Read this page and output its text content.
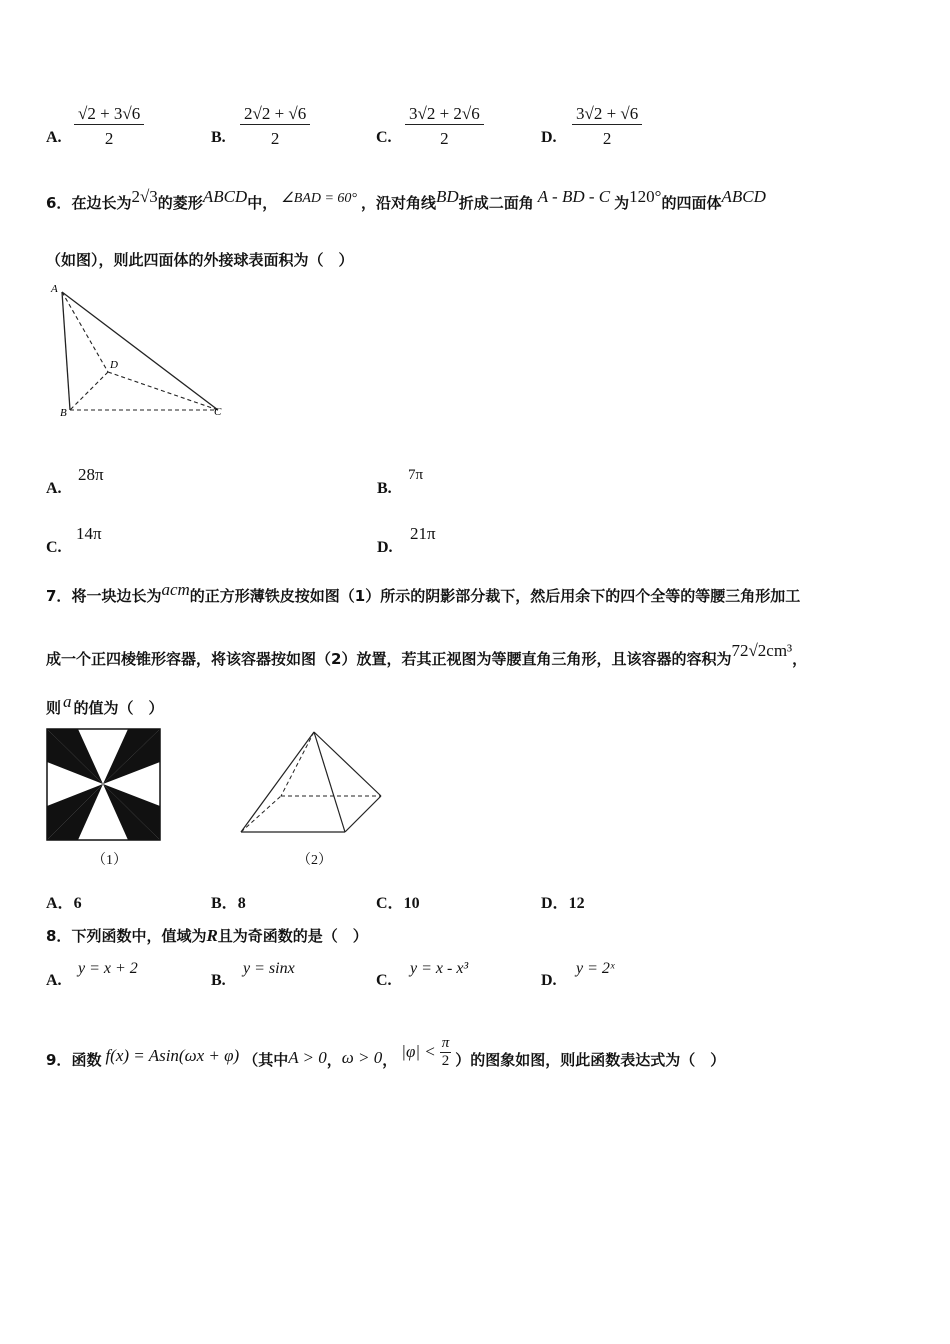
A. $\frac{√2 + 3√6}{2}$	B. $\frac{2√2 + √6}{2}$	C. $\frac{3√2 + 2√6}{2}$	D. $\frac{3√2 + √6}{2}$
6．在边长为2√3的菱形ABCD中， ∠BAD = 60° ，沿对角线BD折成二面角 A - BD - C 为120°的四面体ABCD
（如图），则此四面体的外接球表面积为（　）
A
D
B	C
A.
28π
B.
7π
C.
14π
D.
21π
7．将一块边长为acm的正方形薄铁皮按如图（1）所示的阴影部分裁下，然后用余下的四个全等的等腰三角形加工
成一个正四棱锥形容器，将该容器按如图（2）放置，若其正视图为等腰直角三角形，且该容器的容积为72√2cm³，
则 a 的值为（　）
（1）	（2）
A．6	B．8	C．10	D．12
8．下列函数中，值域为R且为奇函数的是（　）
A.
y = x + 2
B.
y = sinx
C.
y = x - x³
D.
y = 2ˣ
9．函数 f(x) = Asin(ωx + φ) （其中A > 0，ω > 0， $|\varphi| < \frac{\pi}{2}$ ）的图象如图，则此函数表达式为（　）
